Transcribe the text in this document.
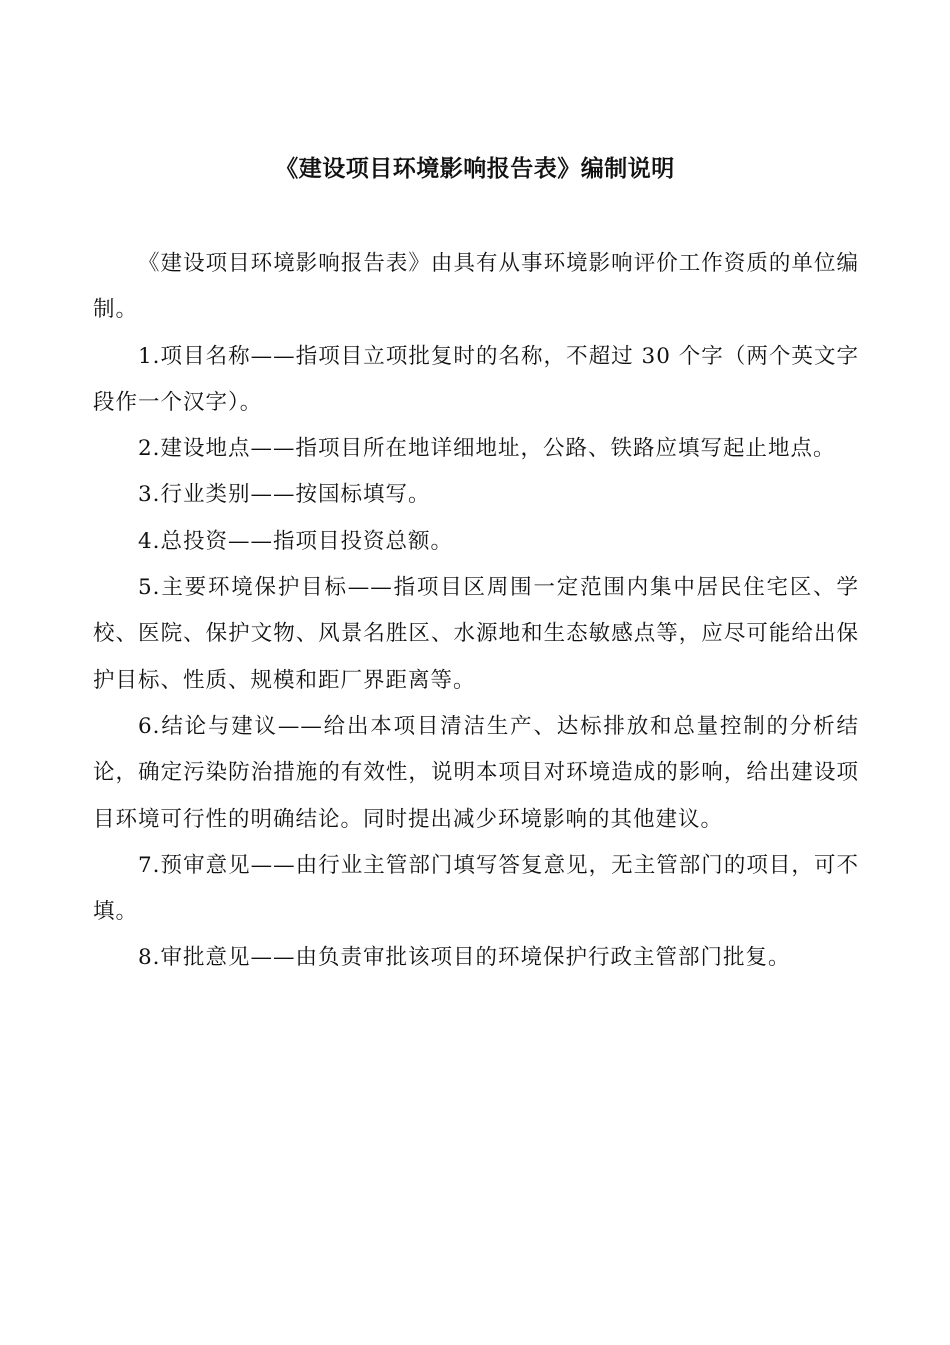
《建设项目环境影响报告表》编制说明

《建设项目环境影响报告表》由具有从事环境影响评价工作资质的单位编制。

1.项目名称——指项目立项批复时的名称，不超过 30 个字（两个英文字段作一个汉字）。

2.建设地点——指项目所在地详细地址，公路、铁路应填写起止地点。

3.行业类别——按国标填写。

4.总投资——指项目投资总额。

5.主要环境保护目标——指项目区周围一定范围内集中居民住宅区、学校、医院、保护文物、风景名胜区、水源地和生态敏感点等，应尽可能给出保护目标、性质、规模和距厂界距离等。

6.结论与建议——给出本项目清洁生产、达标排放和总量控制的分析结论，确定污染防治措施的有效性，说明本项目对环境造成的影响，给出建设项目环境可行性的明确结论。同时提出减少环境影响的其他建议。

7.预审意见——由行业主管部门填写答复意见，无主管部门的项目，可不填。

8.审批意见——由负责审批该项目的环境保护行政主管部门批复。
